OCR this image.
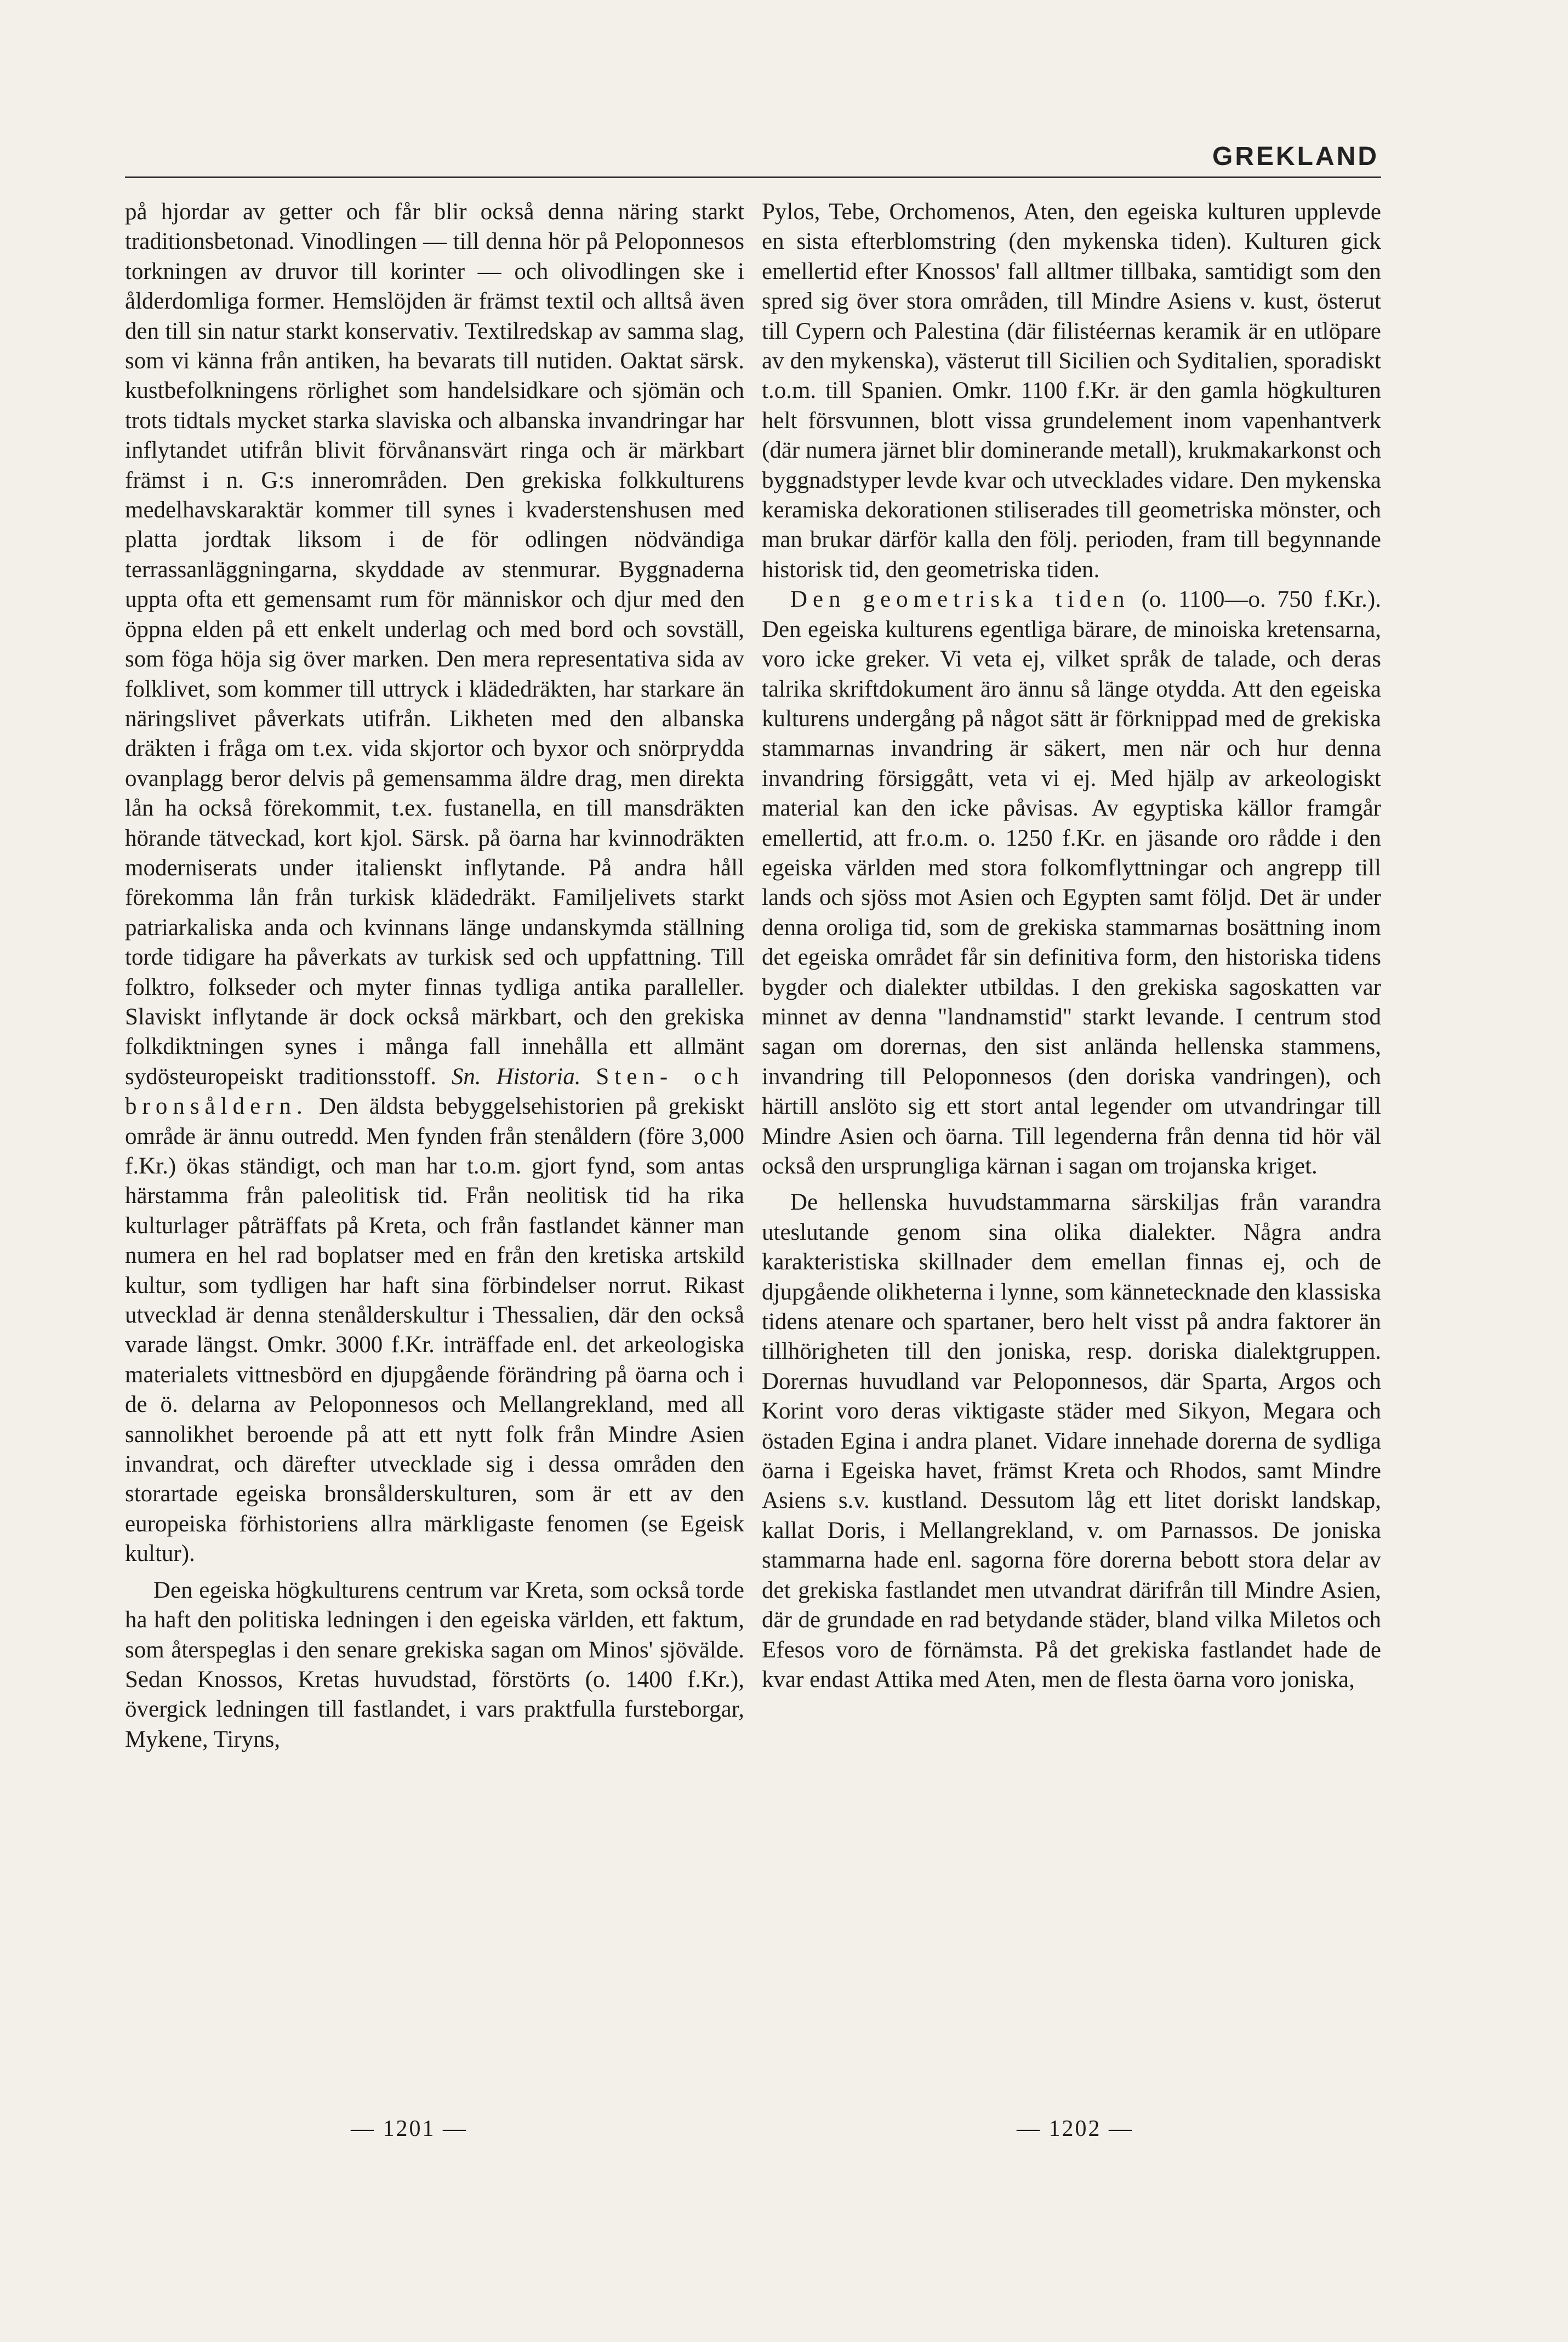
GREKLAND

på hjordar av getter och får blir också denna näring starkt traditionsbetonad. Vinodlingen — till denna hör på Peloponnesos torkningen av druvor till korinter — och olivodlingen ske i ålderdomliga former. Hemslöjden är främst textil och alltså även den till sin natur starkt konservativ. Textilredskap av samma slag, som vi känna från antiken, ha bevarats till nutiden. Oaktat särsk. kustbefolkningens rörlighet som handelsidkare och sjömän och trots tidtals mycket starka slaviska och albanska invandringar har inflytandet utifrån blivit förvånansvärt ringa och är märkbart främst i n. G:s innerområden. Den grekiska folkkulturens medelhavskaraktär kommer till synes i kvaderstenshusen med platta jordtak liksom i de för odlingen nödvändiga terrassanläggningarna, skyddade av stenmurar. Byggnaderna uppta ofta ett gemensamt rum för människor och djur med den öppna elden på ett enkelt underlag och med bord och sovställ, som föga höja sig över marken. Den mera representativa sida av folklivet, som kommer till uttryck i klädedräkten, har starkare än näringslivet påverkats utifrån. Likheten med den albanska dräkten i fråga om t.ex. vida skjortor och byxor och snörprydda ovanplagg beror delvis på gemensamma äldre drag, men direkta lån ha också förekommit, t.ex. fustanella, en till mansdräkten hörande tätveckad, kort kjol. Särsk. på öarna har kvinnodräkten moderniserats under italienskt inflytande. På andra håll förekomma lån från turkisk klädedräkt. Familjelivets starkt patriarkaliska anda och kvinnans länge undanskymda ställning torde tidigare ha påverkats av turkisk sed och uppfattning. Till folktro, folkseder och myter finnas tydliga antika paralleller. Slaviskt inflytande är dock också märkbart, och den grekiska folkdiktningen synes i många fall innehålla ett allmänt sydösteuropeiskt traditionsstoff. Sn. Historia. Sten- och bronsåldern. Den äldsta bebyggelsehistorien på grekiskt område är ännu outredd. Men fynden från stenåldern (före 3,000 f.Kr.) ökas ständigt, och man har t.o.m. gjort fynd, som antas härstamma från paleolitisk tid. Från neolitisk tid ha rika kulturlager påträffats på Kreta, och från fastlandet känner man numera en hel rad boplatser med en från den kretiska artskild kultur, som tydligen har haft sina förbindelser norrut. Rikast utvecklad är denna stenålderskultur i Thessalien, där den också varade längst. Omkr. 3000 f.Kr. inträffade enl. det arkeologiska materialets vittnesbörd en djupgående förändring på öarna och i de ö. delarna av Peloponnesos och Mellangrekland, med all sannolikhet beroende på att ett nytt folk från Mindre Asien invandrat, och därefter utvecklade sig i dessa områden den storartade egeiska bronsålderskulturen, som är ett av den europeiska förhistoriens allra märkligaste fenomen (se Egeisk kultur).

Den egeiska högkulturens centrum var Kreta, som också torde ha haft den politiska ledningen i den egeiska världen, ett faktum, som återspeglas i den senare grekiska sagan om Minos' sjövälde. Sedan Knossos, Kretas huvudstad, förstörts (o. 1400 f.Kr.), övergick ledningen till fastlandet, i vars praktfulla fursteborgar, Mykene, Tiryns,

Pylos, Tebe, Orchomenos, Aten, den egeiska kulturen upplevde en sista efterblomstring (den mykenska tiden). Kulturen gick emellertid efter Knossos' fall alltmer tillbaka, samtidigt som den spred sig över stora områden, till Mindre Asiens v. kust, österut till Cypern och Palestina (där filistéernas keramik är en utlöpare av den mykenska), västerut till Sicilien och Syditalien, sporadiskt t.o.m. till Spanien. Omkr. 1100 f.Kr. är den gamla högkulturen helt försvunnen, blott vissa grundelement inom vapenhantverk (där numera järnet blir dominerande metall), krukmakarkonst och byggnadstyper levde kvar och utvecklades vidare. Den mykenska keramiska dekorationen stiliserades till geometriska mönster, och man brukar därför kalla den följ. perioden, fram till begynnande historisk tid, den geometriska tiden.

Den geometriska tiden (o. 1100—o. 750 f.Kr.). Den egeiska kulturens egentliga bärare, de minoiska kretensarna, voro icke greker. Vi veta ej, vilket språk de talade, och deras talrika skriftdokument äro ännu så länge otydda. Att den egeiska kulturens undergång på något sätt är förknippad med de grekiska stammarnas invandring är säkert, men när och hur denna invandring försiggått, veta vi ej. Med hjälp av arkeologiskt material kan den icke påvisas. Av egyptiska källor framgår emellertid, att fr.o.m. o. 1250 f.Kr. en jäsande oro rådde i den egeiska världen med stora folkomflyttningar och angrepp till lands och sjöss mot Asien och Egypten samt följd. Det är under denna oroliga tid, som de grekiska stammarnas bosättning inom det egeiska området får sin definitiva form, den historiska tidens bygder och dialekter utbildas. I den grekiska sagoskatten var minnet av denna "landnamstid" starkt levande. I centrum stod sagan om dorernas, den sist anlända hellenska stammens, invandring till Peloponnesos (den doriska vandringen), och härtill anslöto sig ett stort antal legender om utvandringar till Mindre Asien och öarna. Till legenderna från denna tid hör väl också den ursprungliga kärnan i sagan om trojanska kriget.

De hellenska huvudstammarna särskiljas från varandra uteslutande genom sina olika dialekter. Några andra karakteristiska skillnader dem emellan finnas ej, och de djupgående olikheterna i lynne, som kännetecknade den klassiska tidens atenare och spartaner, bero helt visst på andra faktorer än tillhörigheten till den joniska, resp. doriska dialektgruppen. Dorernas huvudland var Peloponnesos, där Sparta, Argos och Korint voro deras viktigaste städer med Sikyon, Megara och östaden Egina i andra planet. Vidare innehade dorerna de sydliga öarna i Egeiska havet, främst Kreta och Rhodos, samt Mindre Asiens s.v. kustland. Dessutom låg ett litet doriskt landskap, kallat Doris, i Mellangrekland, v. om Parnassos. De joniska stammarna hade enl. sagorna före dorerna bebott stora delar av det grekiska fastlandet men utvandrat därifrån till Mindre Asien, där de grundade en rad betydande städer, bland vilka Miletos och Efesos voro de förnämsta. På det grekiska fastlandet hade de kvar endast Attika med Aten, men de flesta öarna voro joniska,

— 1201 —	— 1202 —
